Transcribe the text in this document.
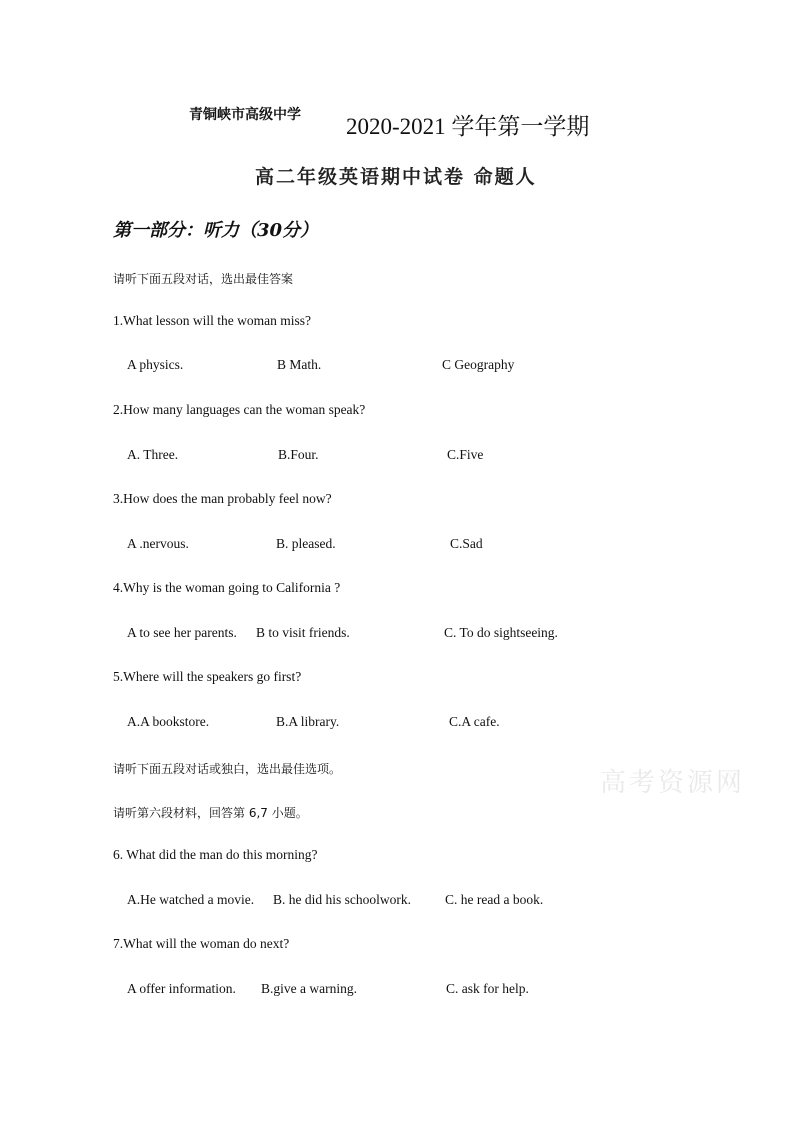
青铜峡市高级中学 2020-2021 学年第一学期
高二年级英语期中试卷 命题人
第一部分：听力（30分）
请听下面五段对话，选出最佳答案
1.What lesson will the woman miss?
A physics.	B Math.	C Geography
2.How many languages can the woman speak?
A. Three.	B.Four.	C.Five
3.How does the man probably feel now?
A .nervous.	B. pleased.	C.Sad
4.Why is the woman going to California ?
A to see her parents. B to visit friends.	C. To do sightseeing.
5.Where will the speakers go first?
A.A bookstore.	B.A library.	C.A cafe.
请听下面五段对话或独白，选出最佳选项。	高考资源网
请听第六段材料，回答第 6,7 小题。
6. What did the man do this morning?
A.He watched a movie. B. he did his schoolwork.	C. he read a book.
7.What will the woman do next?
A offer information. B.give a warning.	C. ask for help.
